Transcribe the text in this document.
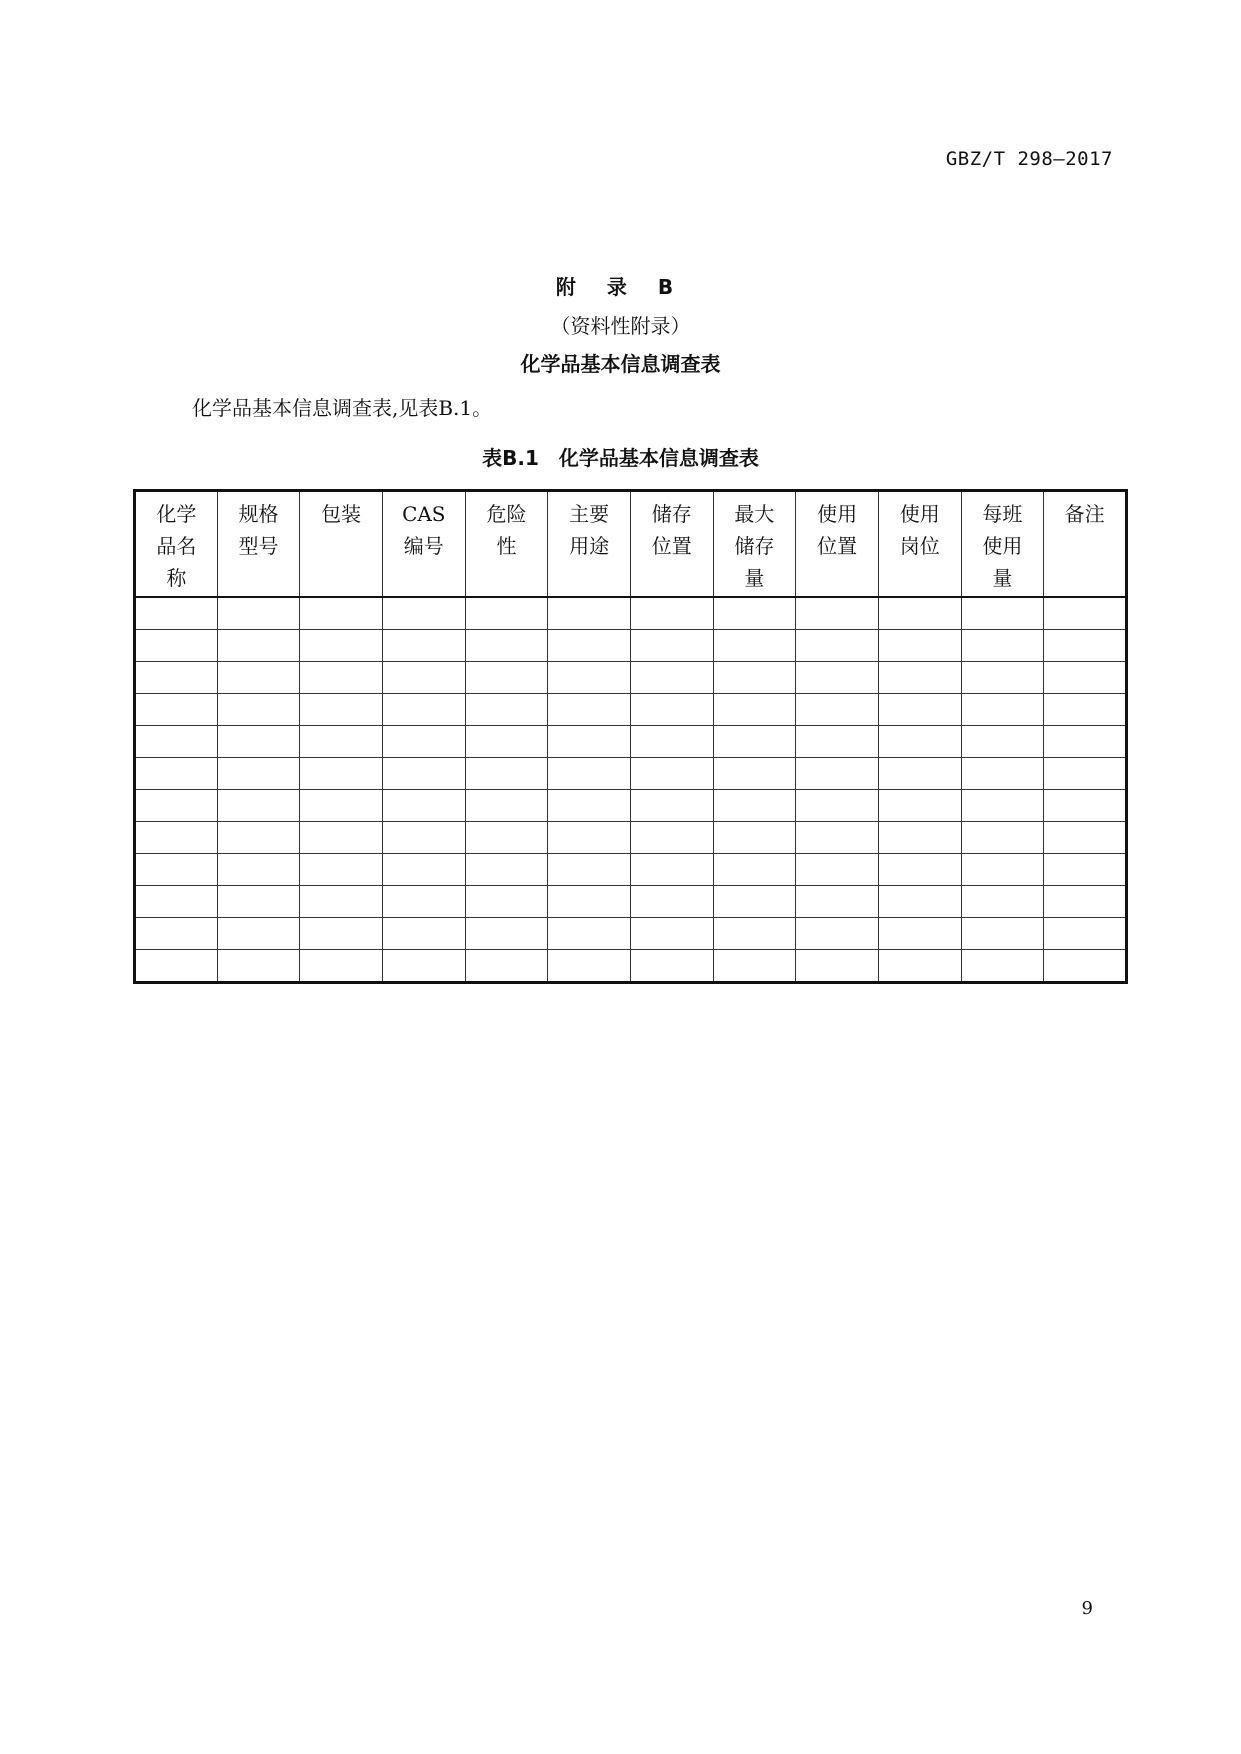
GBZ/T 298—2017
附 录 B
（资料性附录）
化学品基本信息调查表
化学品基本信息调查表,见表B.1。
表B.1　化学品基本信息调查表
化学品名称	规格型号	包装	CAS编号	危险性	主要用途	储存位置	最大储存量	使用位置	使用岗位	每班使用量	备注

9
